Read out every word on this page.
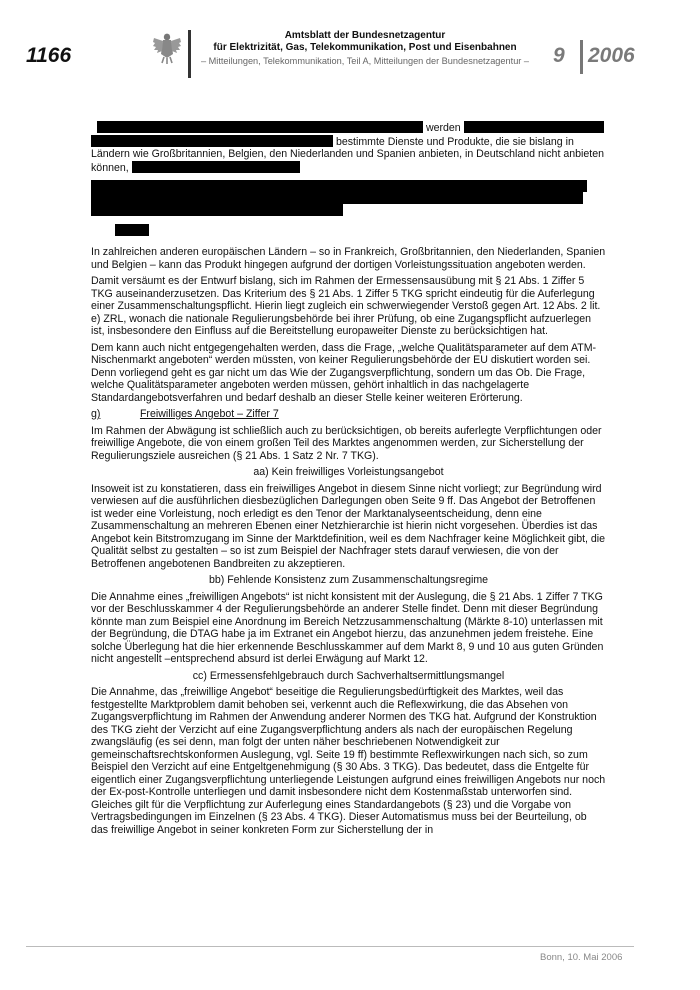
1166
Amtsblatt der Bundesnetzagentur
für Elektrizität, Gas, Telekommunikation, Post und Eisenbahnen
– Mitteilungen, Telekommunikation, Teil A, Mitteilungen der Bundesnetzagentur – 9 2006

werden   bestimmte Dienste und Produkte, die sie bislang in Ländern wie Großbritannien, Belgien, den Niederlanden und Spanien anbieten, in Deutschland nicht anbieten können,

In zahlreichen anderen europäischen Ländern – so in Frankreich, Großbritannien, den Niederlanden, Spanien und Belgien – kann das Produkt hingegen aufgrund der dortigen Vorleistungssituation angeboten werden.

Damit versäumt es der Entwurf bislang, sich im Rahmen der Ermessensausübung mit § 21 Abs. 1 Ziffer 5 TKG auseinanderzusetzen. Das Kriterium des § 21 Abs. 1 Ziffer 5 TKG spricht eindeutig für die Auferlegung einer Zusammenschaltungspflicht. Hierin liegt zugleich ein schwerwiegender Verstoß gegen Art. 12 Abs. 2 lit. e) ZRL, wonach die nationale Regulierungsbehörde bei ihrer Prüfung, ob eine Zugangspflicht aufzuerlegen ist, insbesondere den Einfluss auf die Bereitstellung europaweiter Dienste zu berücksichtigen hat.

Dem kann auch nicht entgegengehalten werden, dass die Frage, „welche Qualitätsparameter auf dem ATM-Nischenmarkt angeboten“ werden müssten, von keiner Regulierungsbehörde der EU diskutiert worden sei. Denn vorliegend geht es gar nicht um das Wie der Zugangsverpflichtung, sondern um das Ob. Die Frage, welche Qualitätsparameter angeboten werden müssen, gehört inhaltlich in das nachgelagerte Standardangebotsverfahren und bedarf deshalb an dieser Stelle keiner weiteren Erörterung.

g)	Freiwilliges Angebot – Ziffer 7

Im Rahmen der Abwägung ist schließlich auch zu berücksichtigen, ob bereits auferlegte Verpflichtungen oder freiwillige Angebote, die von einem großen Teil des Marktes angenommen werden, zur Sicherstellung der Regulierungsziele ausreichen (§ 21 Abs. 1 Satz 2 Nr. 7 TKG).

aa) Kein freiwilliges Vorleistungsangebot

Insoweit ist zu konstatieren, dass ein freiwilliges Angebot in diesem Sinne nicht vorliegt; zur Begründung wird verwiesen auf die ausführlichen diesbezüglichen Darlegungen oben Seite 9 ff. Das Angebot der Betroffenen ist weder eine Vorleistung, noch erledigt es den Tenor der Marktanalyseentscheidung, denn eine Zusammenschaltung an mehreren Ebenen einer Netzhierarchie ist hierin nicht vorgesehen. Überdies ist das Angebot kein Bitstromzugang im Sinne der Marktdefinition, weil es dem Nachfrager keine Möglichkeit gibt, die Qualität selbst zu gestalten – so ist zum Beispiel der Nachfrager stets darauf verwiesen, die von der Betroffenen angebotenen Bandbreiten zu akzeptieren.

bb) Fehlende Konsistenz zum Zusammenschaltungsregime

Die Annahme eines „freiwilligen Angebots“ ist nicht konsistent mit der Auslegung, die § 21 Abs. 1 Ziffer 7 TKG vor der Beschlusskammer 4 der Regulierungsbehörde an anderer Stelle findet. Denn mit dieser Begründung könnte man zum Beispiel eine Anordnung im Bereich Netzzusammenschaltung (Märkte 8-10) unterlassen mit der Begründung, die DTAG habe ja im Extranet ein Angebot hierzu, das anzunehmen jedem freistehe. Eine solche Überlegung hat die hier erkennende Beschlusskammer auf dem Markt 8, 9 und 10 aus guten Gründen nicht angestellt –entsprechend absurd ist derlei Erwägung auf Markt 12.

cc) Ermessensfehlgebrauch durch Sachverhaltsermittlungsmangel

Die Annahme, das „freiwillige Angebot“ beseitige die Regulierungsbedürftigkeit des Marktes, weil das festgestellte Marktproblem damit behoben sei, verkennt auch die Reflexwirkung, die das Absehen von Zugangsverpflichtung im Rahmen der Anwendung anderer Normen des TKG hat. Aufgrund der Konstruktion des TKG zieht der Verzicht auf eine Zugangsverpflichtung anders als nach der europäischen Regelung zwangsläufig (es sei denn, man folgt der unten näher beschriebenen Notwendigkeit zur gemeinschaftsrechtskonformen Auslegung, vgl. Seite 19 ff) bestimmte Reflexwirkungen nach sich, so zum Beispiel den Verzicht auf eine Entgeltgenehmigung (§ 30 Abs. 3 TKG). Das bedeutet, dass die Entgelte für eigentlich einer Zugangsverpflichtung unterliegende Leistungen aufgrund eines freiwilligen Angebots nur noch der Ex-post-Kontrolle unterliegen und damit insbesondere nicht dem Kostenmaßstab unterworfen sind. Gleiches gilt für die Verpflichtung zur Auferlegung eines Standardangebots (§ 23) und die Vorgabe von Vertragsbedingungen im Einzelnen (§ 23 Abs. 4 TKG). Dieser Automatismus muss bei der Beurteilung, ob das freiwillige Angebot in seiner konkreten Form zur Sicherstellung der in

Bonn, 10. Mai 2006
